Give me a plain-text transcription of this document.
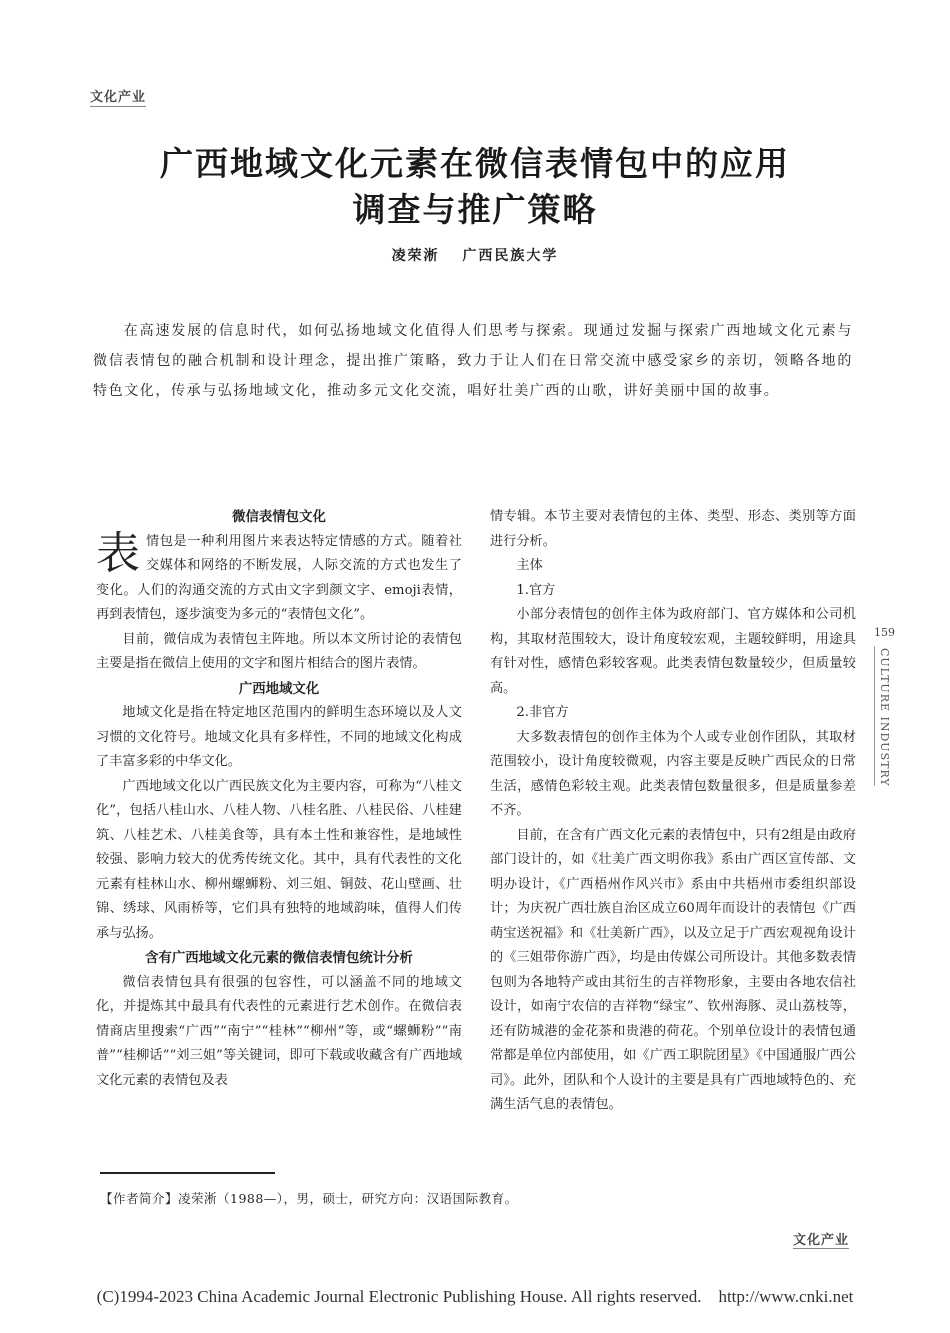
文化产业
广西地域文化元素在微信表情包中的应用
调查与推广策略
凌荣淅 广西民族大学
在高速发展的信息时代，如何弘扬地域文化值得人们思考与探索。现通过发掘与探索广西地域文化元素与微信表情包的融合机制和设计理念，提出推广策略，致力于让人们在日常交流中感受家乡的亲切，领略各地的特色文化，传承与弘扬地域文化，推动多元文化交流，唱好壮美广西的山歌，讲好美丽中国的故事。
微信表情包文化

表情包是一种利用图片来表达特定情感的方式。随着社交媒体和网络的不断发展，人际交流的方式也发生了变化。人们的沟通交流的方式由文字到颜文字、emoji表情，再到表情包，逐步演变为多元的“表情包文化”。

目前，微信成为表情包主阵地。所以本文所讨论的表情包主要是指在微信上使用的文字和图片相结合的图片表情。

广西地域文化

地域文化是指在特定地区范围内的鲜明生态环境以及人文习惯的文化符号。地域文化具有多样性，不同的地域文化构成了丰富多彩的中华文化。

广西地域文化以广西民族文化为主要内容，可称为“八桂文化”，包括八桂山水、八桂人物、八桂名胜、八桂民俗、八桂建筑、八桂艺术、八桂美食等，具有本土性和兼容性，是地域性较强、影响力较大的优秀传统文化。其中，具有代表性的文化元素有桂林山水、柳州螺蛳粉、刘三姐、铜鼓、花山壁画、壮锦、绣球、风雨桥等，它们具有独特的地域韵味，值得人们传承与弘扬。

含有广西地域文化元素的微信表情包统计分析

微信表情包具有很强的包容性，可以涵盖不同的地域文化，并提炼其中最具有代表性的元素进行艺术创作。在微信表情商店里搜索“广西”“南宁”“桂林”“柳州”等，或“螺蛳粉”“南普”“桂柳话”“刘三姐”等关键词，即可下载或收藏含有广西地域文化元素的表情包及表

情专辑。本节主要对表情包的主体、类型、形态、类别等方面进行分析。

主体

1.官方

小部分表情包的创作主体为政府部门、官方媒体和公司机构，其取材范围较大，设计角度较宏观，主题较鲜明，用途具有针对性，感情色彩较客观。此类表情包数量较少，但质量较高。

2.非官方

大多数表情包的创作主体为个人或专业创作团队，其取材范围较小，设计角度较微观，内容主要是反映广西民众的日常生活，感情色彩较主观。此类表情包数量很多，但是质量参差不齐。

目前，在含有广西文化元素的表情包中，只有2组是由政府部门设计的，如《壮美广西文明你我》系由广西区宣传部、文明办设计，《广西梧州作风兴市》系由中共梧州市委组织部设计；为庆祝广西壮族自治区成立60周年而设计的表情包《广西萌宝送祝福》和《壮美新广西》，以及立足于广西宏观视角设计的《三姐带你游广西》，均是由传媒公司所设计。其他多数表情包则为各地特产或由其衍生的吉祥物形象，主要由各地农信社设计，如南宁农信的吉祥物“绿宝”、钦州海豚、灵山荔枝等，还有防城港的金花茶和贵港的荷花。个别单位设计的表情包通常都是单位内部使用，如《广西工职院团星》《中国通服广西公司》。此外，团队和个人设计的主要是具有广西地域特色的、充满生活气息的表情包。

159
CULTURE INDUSTRY
【作者简介】凌荣淅（1988—），男，硕士，研究方向：汉语国际教育。
文化产业
(C)1994-2023 China Academic Journal Electronic Publishing House. All rights reserved.    http://www.cnki.net
